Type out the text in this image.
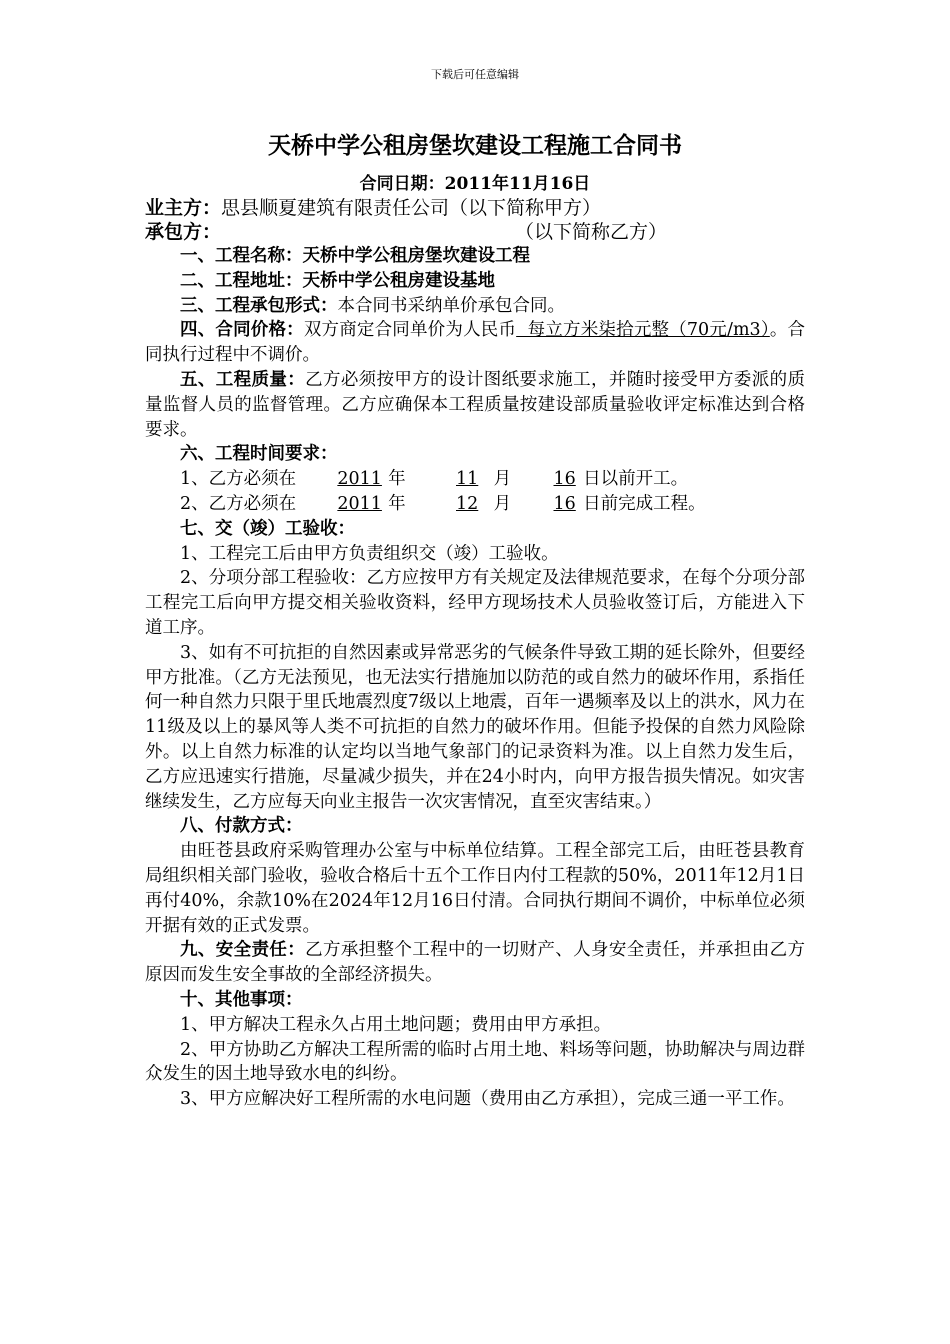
下载后可任意编辑
天桥中学公租房堡坎建设工程施工合同书
合同日期：2011年11月16日
业主方：思县顺夏建筑有限责任公司（以下简称甲方）
承包方：	（以下简称乙方）
一、工程名称：天桥中学公租房堡坎建设工程
二、工程地址：天桥中学公租房建设基地
三、工程承包形式：本合同书采纳单价承包合同。
四、合同价格：双方商定合同单价为人民币  每立方米柒拾元整（70元/m3）。合同执行过程中不调价。
五、工程质量：乙方必须按甲方的设计图纸要求施工，并随时接受甲方委派的质量监督人员的监督管理。乙方应确保本工程质量按建设部质量验收评定标准达到合格要求。
六、工程时间要求：
1、乙方必须在 2011 年	11 月 16 日以前开工。
2、乙方必须在 2011 年	12 月 16 日前完成工程。
七、交（竣）工验收：
1、工程完工后由甲方负责组织交（竣）工验收。
2、分项分部工程验收：乙方应按甲方有关规定及法律规范要求，在每个分项分部工程完工后向甲方提交相关验收资料，经甲方现场技术人员验收签订后，方能进入下道工序。
3、如有不可抗拒的自然因素或异常恶劣的气候条件导致工期的延长除外，但要经甲方批准。（乙方无法预见，也无法实行措施加以防范的或自然力的破坏作用，系指任何一种自然力只限于里氏地震烈度7级以上地震，百年一遇频率及以上的洪水，风力在11级及以上的暴风等人类不可抗拒的自然力的破坏作用。但能予投保的自然力风险除外。以上自然力标准的认定均以当地气象部门的记录资料为准。以上自然力发生后，乙方应迅速实行措施，尽量减少损失，并在24小时内，向甲方报告损失情况。如灾害继续发生，乙方应每天向业主报告一次灾害情况，直至灾害结束。）
八、付款方式：
由旺苍县政府采购管理办公室与中标单位结算。工程全部完工后，由旺苍县教育局组织相关部门验收，验收合格后十五个工作日内付工程款的50%，2011年12月1日再付40%，余款10%在2024年12月16日付清。合同执行期间不调价，中标单位必须开据有效的正式发票。
九、安全责任：乙方承担整个工程中的一切财产、人身安全责任，并承担由乙方原因而发生安全事故的全部经济损失。
十、其他事项：
1、甲方解决工程永久占用土地问题；费用由甲方承担。
2、甲方协助乙方解决工程所需的临时占用土地、料场等问题，协助解决与周边群众发生的因土地导致水电的纠纷。
3、甲方应解决好工程所需的水电问题（费用由乙方承担），完成三通一平工作。
